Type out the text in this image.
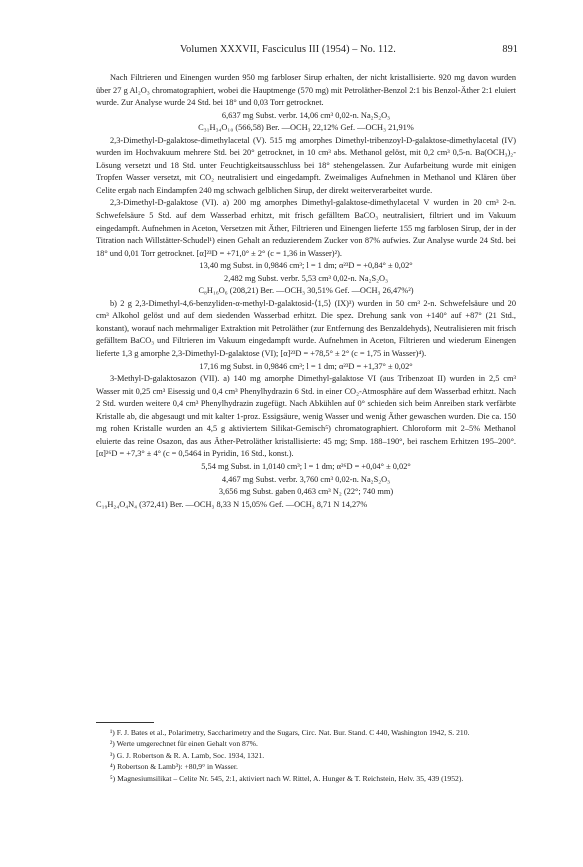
Volumen XXXVII, Fasciculus III (1954) – No. 112.	891

Nach Filtrieren und Einengen wurden 950 mg farbloser Sirup erhalten, der nicht kristallisierte. 920 mg davon wurden über 27 g Al₂O₃ chromatographiert, wobei die Hauptmenge (570 mg) mit Petroläther-Benzol 2:1 bis Benzol-Äther 2:1 eluiert wurde. Zur Analyse wurde 24 Std. bei 18° und 0,03 Torr getrocknet.

6,637 mg Subst. verbr. 14,06 cm³ 0,02-n. Na₂S₂O₃

C₃₁H₃₄O₁₀ (566,58) Ber. —OCH₃ 22,12% Gef. —OCH₃ 21,91%

2,3-Dimethyl-D-galaktose-dimethylacetal (V). 515 mg amorphes Dimethyl-tribenzoyl-D-galaktose-dimethylacetal (IV) wurden im Hochvakuum mehrere Std. bei 20° getrocknet, in 10 cm³ abs. Methanol gelöst, mit 0,2 cm³ 0,5-n. Ba(OCH₃)₂-Lösung versetzt und 18 Std. unter Feuchtigkeitsausschluss bei 18° stehengelassen. Zur Aufarbeitung wurde mit einigen Tropfen Wasser versetzt, mit CO₂ neutralisiert und eingedampft. Zweimaliges Aufnehmen in Methanol und Klären über Celite ergab nach Eindampfen 240 mg schwach gelblichen Sirup, der direkt weiterverarbeitet wurde.

2,3-Dimethyl-D-galaktose (VI). a) 200 mg amorphes Dimethyl-galaktose-dimethylacetal V wurden in 20 cm³ 2-n. Schwefelsäure 5 Std. auf dem Wasserbad erhitzt, mit frisch gefälltem BaCO₃ neutralisiert, filtriert und im Vakuum eingedampft. Aufnehmen in Aceton, Versetzen mit Äther, Filtrieren und Einengen lieferte 155 mg farblosen Sirup, der in der Titration nach Willstätter-Schudel¹) einen Gehalt an reduzierendem Zucker von 87% aufwies. Zur Analyse wurde 24 Std. bei 18° und 0,01 Torr getrocknet. [α]²³D = +71,0° ± 2° (c = 1,36 in Wasser)²).

13,40 mg Subst. in 0,9846 cm³; l = 1 dm; α²³D = +0,84° ± 0,02°

2,482 mg Subst. verbr. 5,53 cm³ 0,02-n. Na₂S₂O₃

C₈H₁₆O₆ (208,21) Ber. —OCH₃ 30,51% Gef. —OCH₃ 26,47%²)

b) 2 g 2,3-Dimethyl-4,6-benzyliden-α-methyl-D-galaktosid-⟨1,5⟩ (IX)³) wurden in 50 cm³ 2-n. Schwefelsäure und 20 cm³ Alkohol gelöst und auf dem siedenden Wasserbad erhitzt. Die spez. Drehung sank von +140° auf +87° (21 Std., konstant), worauf nach mehrmaliger Extraktion mit Petroläther (zur Entfernung des Benzaldehyds), Neutralisieren mit frisch gefälltem BaCO₃ und Filtrieren im Vakuum eingedampft wurde. Aufnehmen in Aceton, Filtrieren und wiederum Einengen lieferte 1,3 g amorphe 2,3-Dimethyl-D-galaktose (VI); [α]²³D = +78,5° ± 2° (c = 1,75 in Wasser)⁴).

17,16 mg Subst. in 0,9846 cm³; l = 1 dm; α²³D = +1,37° ± 0,02°

3-Methyl-D-galaktosazon (VII). a) 140 mg amorphe Dimethyl-galaktose VI (aus Tribenzoat II) wurden in 2,5 cm³ Wasser mit 0,25 cm³ Eisessig und 0,4 cm³ Phenylhydrazin 6 Std. in einer CO₂-Atmosphäre auf dem Wasserbad erhitzt. Nach 2 Std. wurden weitere 0,4 cm³ Phenylhydrazin zugefügt. Nach Abkühlen auf 0° schieden sich beim Anreiben stark verfärbte Kristalle ab, die abgesaugt und mit kalter 1-proz. Essigsäure, wenig Wasser und wenig Äther gewaschen wurden. Die ca. 150 mg rohen Kristalle wurden an 4,5 g aktiviertem Silikat-Gemisch⁵) chromatographiert. Chloroform mit 2–5% Methanol eluierte das reine Osazon, das aus Äther-Petroläther kristallisierte: 45 mg; Smp. 188–190°, bei raschem Erhitzen 195–200°. [α]²⁶D = +7,3° ± 4° (c = 0,5464 in Pyridin, 16 Std., konst.).

5,54 mg Subst. in 1,0140 cm³; l = 1 dm; α²⁶D = +0,04° ± 0,02°

4,467 mg Subst. verbr. 3,760 cm³ 0,02-n. Na₂S₂O₃

3,656 mg Subst. gaben 0,463 cm³ N₂ (22°; 740 mm)

C₁₉H₂₄O₄N₄ (372,41) Ber. —OCH₃ 8,33 N 15,05% Gef. —OCH₃ 8,71 N 14,27%

¹) F. J. Bates et al., Polarimetry, Saccharimetry and the Sugars, Circ. Nat. Bur. Stand. C 440, Washington 1942, S. 210.

²) Werte umgerechnet für einen Gehalt von 87%.

³) G. J. Robertson & R. A. Lamb, Soc. 1934, 1321.

⁴) Robertson & Lamb³): +80,9° in Wasser.

⁵) Magnesiumsilikat – Celite Nr. 545, 2:1, aktiviert nach W. Rittel, A. Hunger & T. Reichstein, Helv. 35, 439 (1952).
